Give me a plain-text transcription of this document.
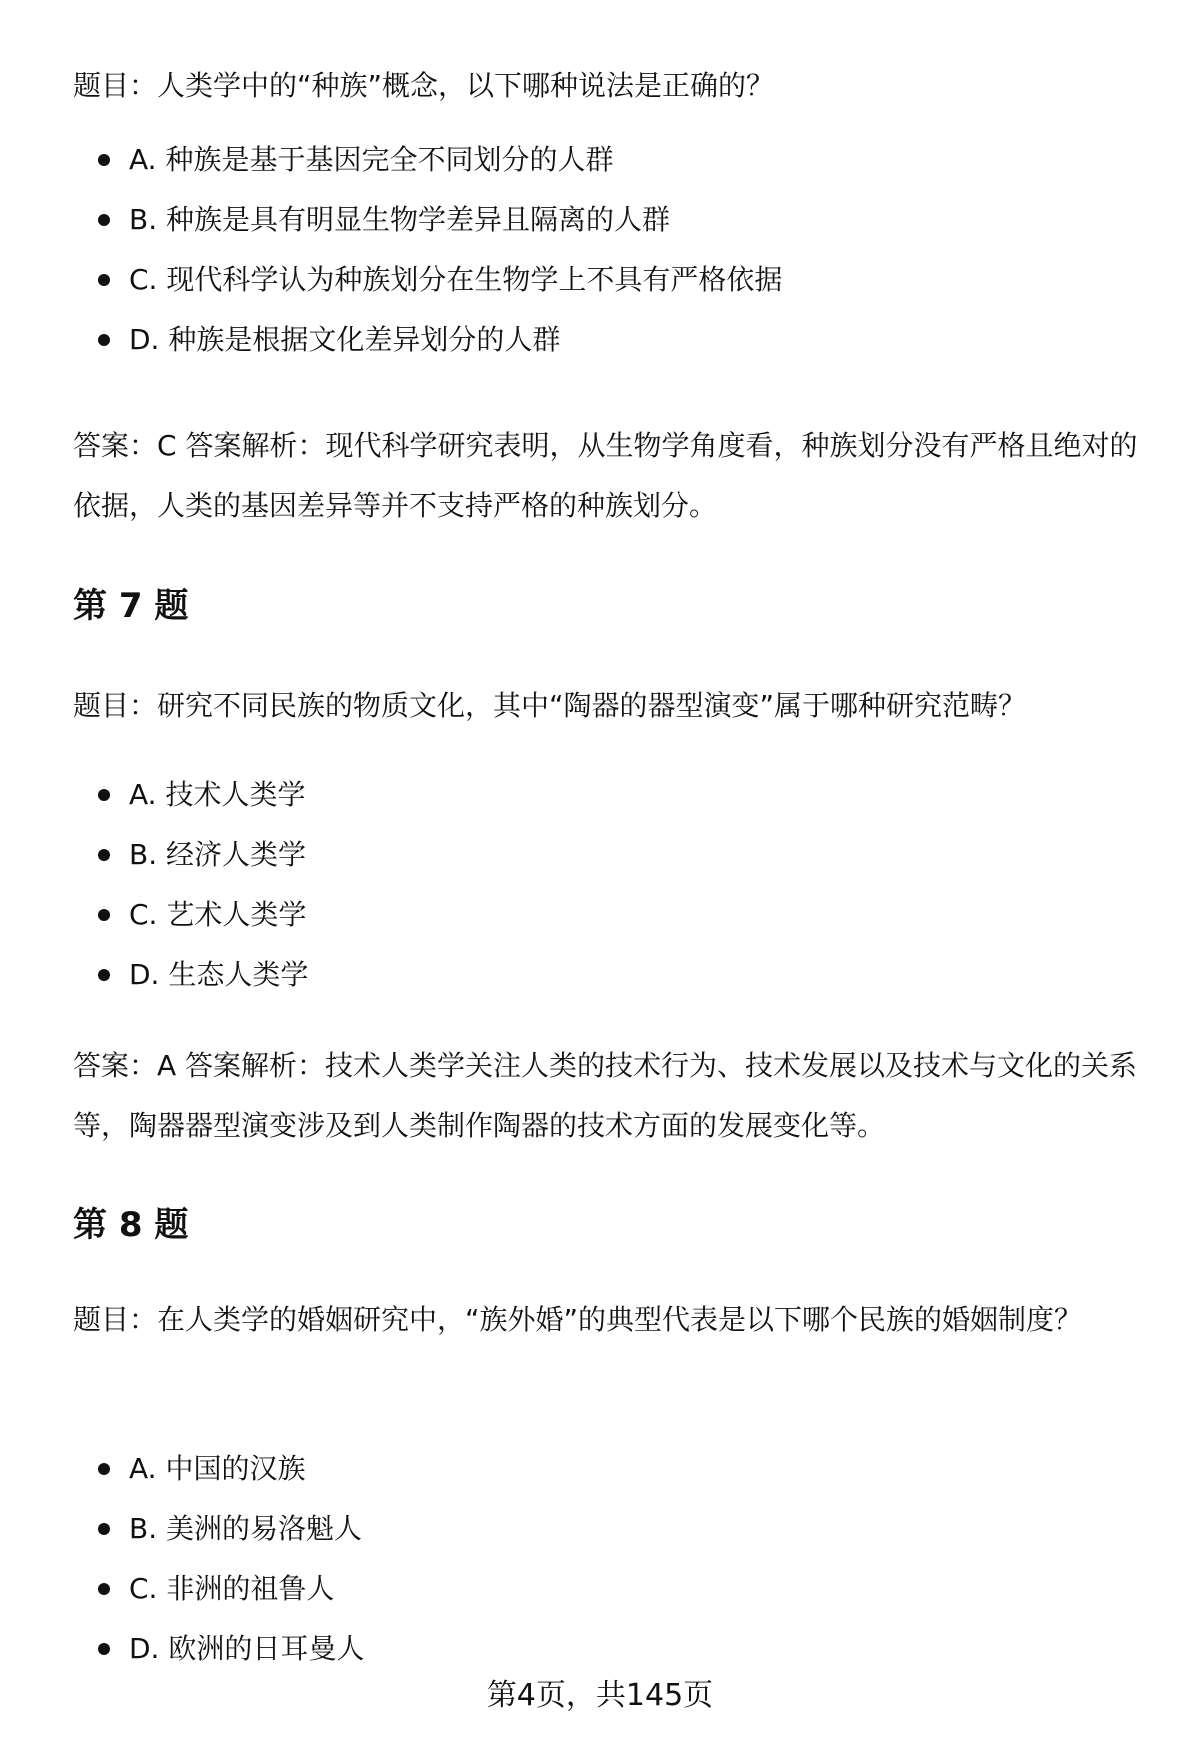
题目：人类学中的“种族”概念，以下哪种说法是正确的？
A. 种族是基于基因完全不同划分的人群
B. 种族是具有明显生物学差异且隔离的人群
C. 现代科学认为种族划分在生物学上不具有严格依据
D. 种族是根据文化差异划分的人群
答案：C 答案解析：现代科学研究表明，从生物学角度看，种族划分没有严格且绝对的依据，人类的基因差异等并不支持严格的种族划分。
第 7 题
题目：研究不同民族的物质文化，其中“陶器的器型演变”属于哪种研究范畴？
A. 技术人类学
B. 经济人类学
C. 艺术人类学
D. 生态人类学
答案：A 答案解析：技术人类学关注人类的技术行为、技术发展以及技术与文化的关系等，陶器器型演变涉及到人类制作陶器的技术方面的发展变化等。
第 8 题
题目：在人类学的婚姻研究中，“族外婚”的典型代表是以下哪个民族的婚姻制度？
A. 中国的汉族
B. 美洲的易洛魁人
C. 非洲的祖鲁人
D. 欧洲的日耳曼人
第4页，共145页
